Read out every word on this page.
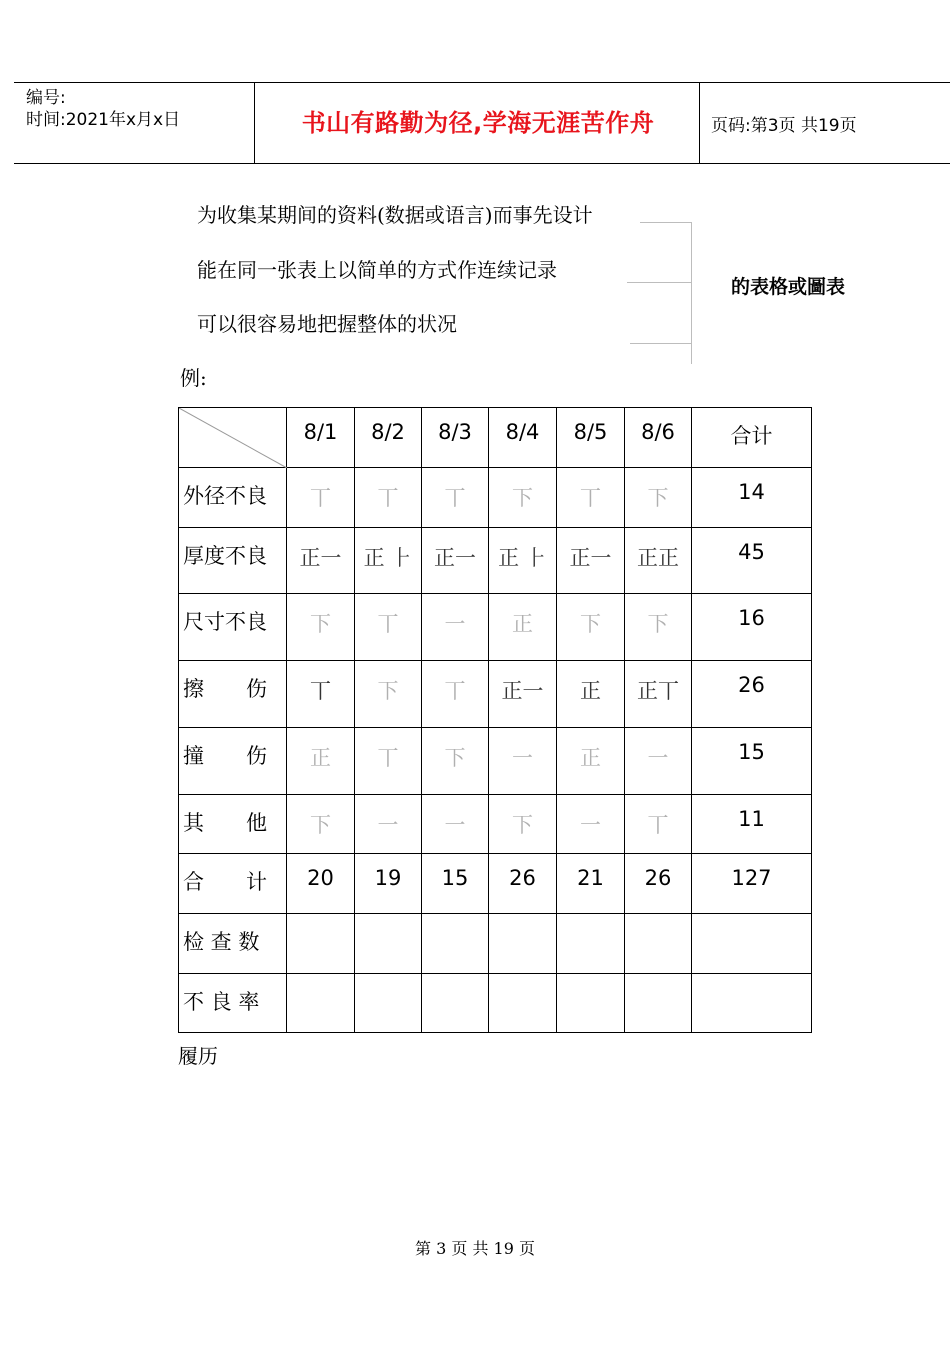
编号:
时间:2021年x月x日	书山有路勤为径,学海无涯苦作舟	页码:第3页 共19页
为收集某期间的资料(数据或语言)而事先设计
能在同一张表上以简单的方式作连续记录
可以很容易地把握整体的状况
的表格或圖表
例:
	8/1	8/2	8/3	8/4	8/5	8/6	合计
外径不良	丅	丅	丅	下	丅	下	14
厚度不良	正一	正 ⺊	正一	正 ⺊	正一	正正	45
尺寸不良	下	丅	一	正	下	下	16
擦　　伤	丅	下	丅	正一	正	正丅	26
撞　　伤	正	丅	下	一	正	一	15
其　　他	下	一	一	下	一	丅	11
合　　计	20	19	15	26	21	26	127
检 查 数							
不 良 率							
履历
第 3 页 共 19 页
